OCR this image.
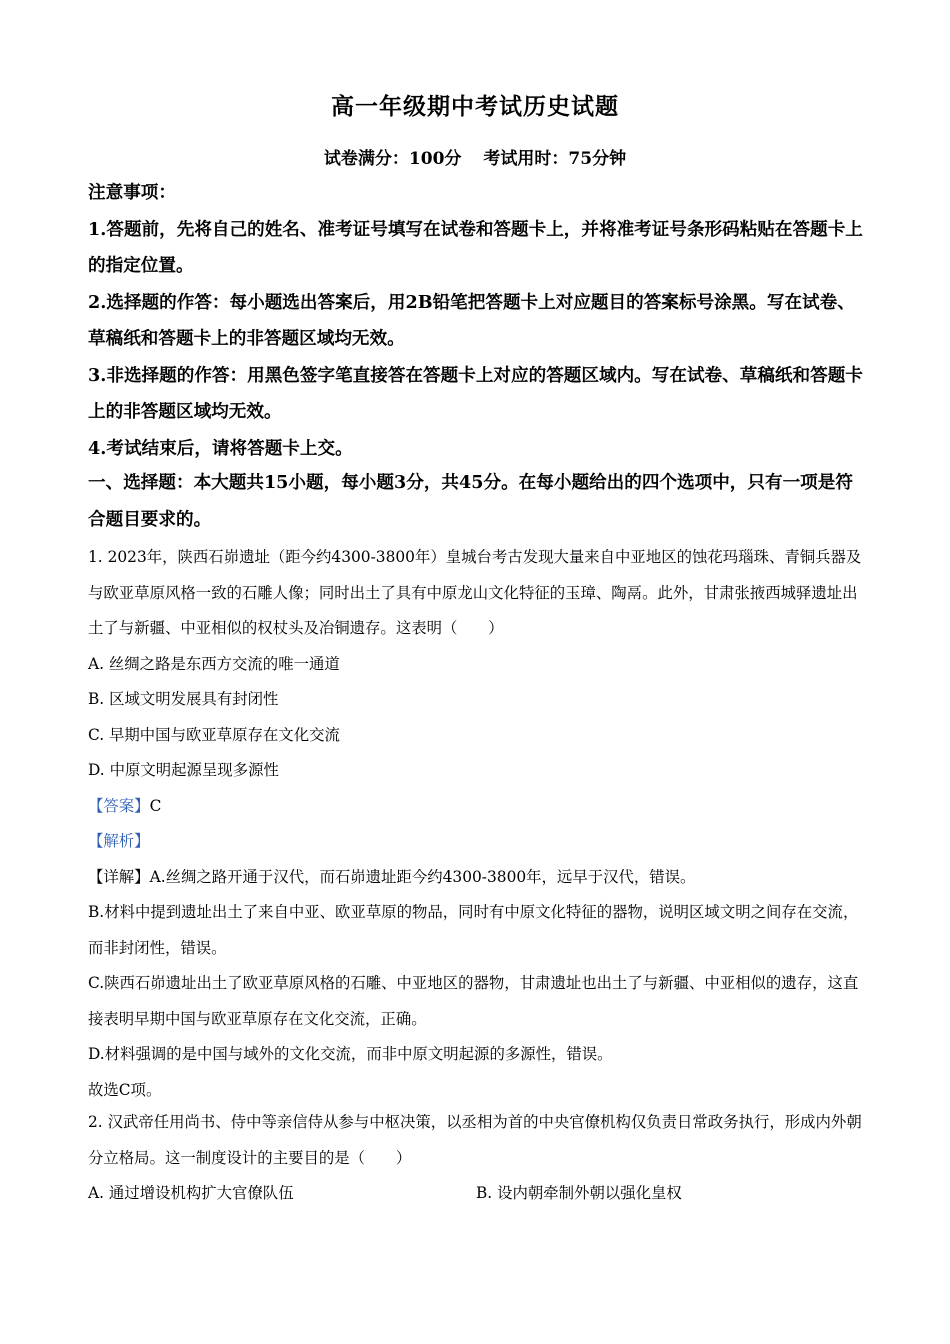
高一年级期中考试历史试题
试卷满分：100分 考试用时：75分钟

注意事项：

1.答题前，先将自己的姓名、准考证号填写在试卷和答题卡上，并将准考证号条形码粘贴在答题卡上的指定位置。

2.选择题的作答：每小题选出答案后，用2B铅笔把答题卡上对应题目的答案标号涂黑。写在试卷、草稿纸和答题卡上的非答题区域均无效。

3.非选择题的作答：用黑色签字笔直接答在答题卡上对应的答题区域内。写在试卷、草稿纸和答题卡上的非答题区域均无效。

4.考试结束后，请将答题卡上交。

一、选择题：本大题共15小题，每小题3分，共45分。在每小题给出的四个选项中，只有一项是符合题目要求的。

1. 2023年，陕西石峁遗址（距今约4300-3800年）皇城台考古发现大量来自中亚地区的蚀花玛瑙珠、青铜兵器及与欧亚草原风格一致的石雕人像；同时出土了具有中原龙山文化特征的玉璋、陶鬲。此外，甘肃张掖西城驿遗址出土了与新疆、中亚相似的权杖头及冶铜遗存。这表明（　　）

A. 丝绸之路是东西方交流的唯一通道

B. 区域文明发展具有封闭性

C. 早期中国与欧亚草原存在文化交流

D. 中原文明起源呈现多源性

【答案】C

【解析】

【详解】A.丝绸之路开通于汉代，而石峁遗址距今约4300-3800年，远早于汉代，错误。

B.材料中提到遗址出土了来自中亚、欧亚草原的物品，同时有中原文化特征的器物，说明区域文明之间存在交流，而非封闭性，错误。

C.陕西石峁遗址出土了欧亚草原风格的石雕、中亚地区的器物，甘肃遗址也出土了与新疆、中亚相似的遗存，这直接表明早期中国与欧亚草原存在文化交流，正确。

D.材料强调的是中国与域外的文化交流，而非中原文明起源的多源性，错误。

故选C项。

2. 汉武帝任用尚书、侍中等亲信侍从参与中枢决策，以丞相为首的中央官僚机构仅负责日常政务执行，形成内外朝分立格局。这一制度设计的主要目的是（　　）

A. 通过增设机构扩大官僚队伍	B. 设内朝牵制外朝以强化皇权
